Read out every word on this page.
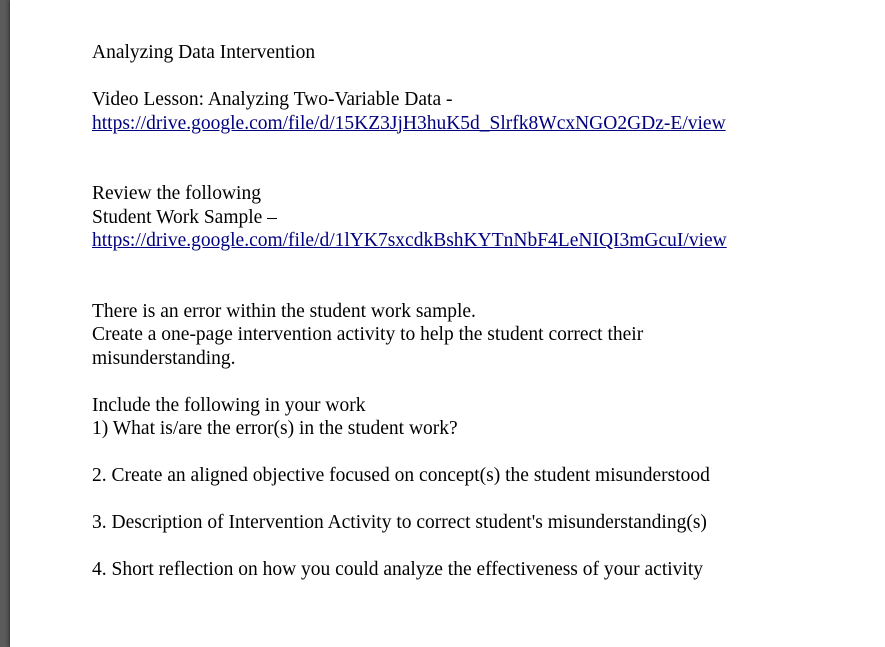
Analyzing Data Intervention

Video Lesson: Analyzing Two-Variable Data -

https://drive.google.com/file/d/15KZ3JjH3huK5d_Slrfk8WcxNGO2GDz-E/view

Review the following

Student Work Sample –

https://drive.google.com/file/d/1lYK7sxcdkBshKYTnNbF4LeNIQI3mGcuI/view

There is an error within the student work sample.

Create a one-page intervention activity to help the student correct their

misunderstanding.

Include the following in your work

1) What is/are the error(s) in the student work?

2. Create an aligned objective focused on concept(s) the student misunderstood

3. Description of Intervention Activity to correct student's misunderstanding(s)

4. Short reflection on how you could analyze the effectiveness of your activity
